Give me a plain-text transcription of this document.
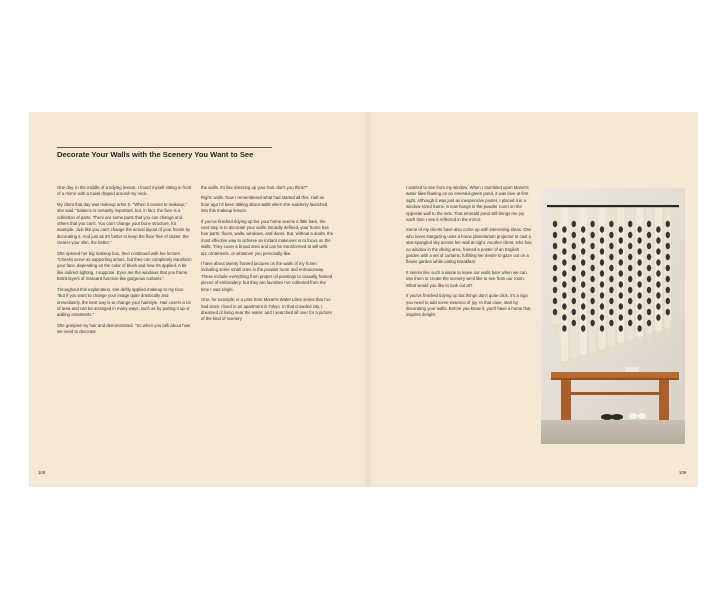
Decorate Your Walls with the Scenery You Want to See

One day, in the middle of a tidying lesson, I found myself sitting in front of a mirror with a towel draped around my neck.

My client that day was makeup artist S. "When it comes to makeup," she said, "balance is certainly important, but, in fact, the face is a collection of parts. There are some parts that you can change and others that you can't. You can't change your bone structure, for example. Just like you can't change the actual layout of your house by decorating it. And just as it's better to keep the floor free of clutter, the clearer your skin, the better."

She opened her big makeup box, then continued with her lecture. "Cheeks serve as supporting actors, but they can completely transform your face, depending on the color of blush and how it's applied. A bit like indirect lighting, I suppose. Eyes are the windows that you frame. Extra layers of mascara function like gorgeous curtains."

Throughout this explanation, she deftly applied makeup to my face. "But if you want to change your image quite drastically and immediately, the best way is to change your hairstyle. Hair covers a lot of area and can be arranged in many ways, such as by putting it up or adding ornaments."

She grasped my hair and demonstrated. "So when you talk about how we need to decorate

the walls, it's like dressing up your hair, don't you think?"

Right: walls. Now I remembered what had started all this. Half an hour ago I'd been talking about walls when she suddenly launched into this makeup lesson.

If you've finished tidying up but your home seems a little bare, the next step is to decorate your walls. Broadly defined, your home has four parts: floors, walls, windows, and doors. But, without a doubt, the most effective way to achieve an instant makeover is to focus on the walls. They cover a broad area and can be transformed at will with art, ornaments, or whatever you personally like.

I have about twenty framed pictures on the walls of my home, including some small ones in the powder room and entranceway. These include everything from proper oil paintings to casually framed pieces of embroidery, but they are favorites I've collected from the time I was single.

One, for example, is a print from Monet's Water Lilies series that I've had since I lived in an apartment in Tokyo. In that crowded city, I dreamed of living near the water, and I searched all over for a picture of the kind of scenery

I wanted to see from my window. When I stumbled upon Monet's water lilies floating on an emerald-green pond, it was love at first sight. Although it was just an inexpensive poster, I placed it in a window-sized frame. It now hangs in the powder room on the opposite wall to the sink. That emerald pond still brings me joy each time I see it reflected in the mirror.

Some of my clients have also come up with interesting ideas. One who loves stargazing uses a home planetarium projector to cast a star-spangled sky across her wall at night. Another client, who has no window in the dining area, framed a poster of an English garden with a set of curtains, fulfilling her desire to gaze out on a flower garden while eating breakfast.

It seems like such a waste to leave our walls bare when we can use them to create the scenery we'd like to see from our room. What would you like to look out at?

If you've finished tidying up but things don't quite click, it's a sign you need to add some essence of joy. In that case, start by decorating your walls. Before you know it, you'll have a home that inspires delight.

108	109
